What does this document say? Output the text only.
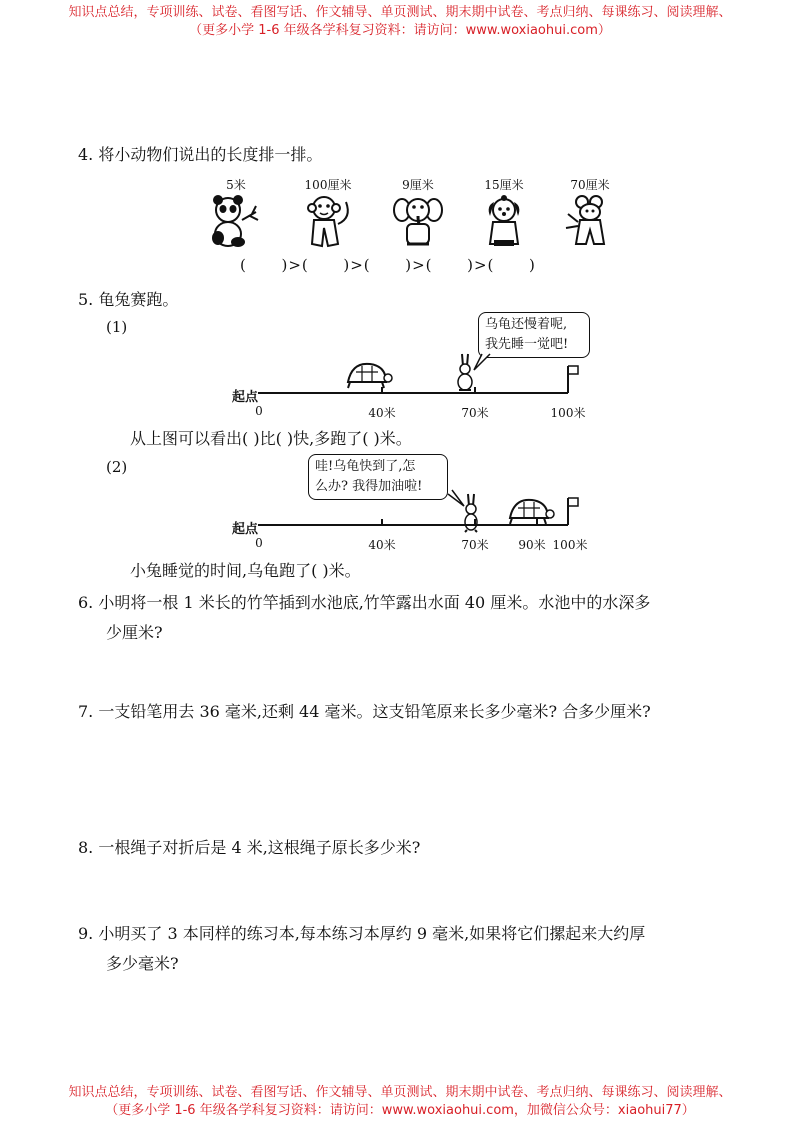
知识点总结，专项训练、试卷、看图写话、作文辅导、单页测试、期末期中试卷、考点归纳、每课练习、阅读理解、
（更多小学 1-6 年级各学科复习资料：请访问：www.woxiaohui.com）
4. 将小动物们说出的长度排一排。
5米	100厘米	9厘米	15厘米	70厘米
(      )>(      )>(      )>(      )>(      )
5. 龟兔赛跑。
(1)	乌龟还慢着呢,
我先睡一觉吧!
起点
0	40米	70米	100米
从上图可以看出( )比( )快,多跑了( )米。
(2)	哇!乌龟快到了,怎
么办? 我得加油啦!
起点
0	40米	70米 90米 100米
小兔睡觉的时间,乌龟跑了( )米。
6. 小明将一根 1 米长的竹竿插到水池底,竹竿露出水面 40 厘米。水池中的水深多
少厘米?
7. 一支铅笔用去 36 毫米,还剩 44 毫米。这支铅笔原来长多少毫米? 合多少厘米?
8. 一根绳子对折后是 4 米,这根绳子原长多少米?
9. 小明买了 3 本同样的练习本,每本练习本厚约 9 毫米,如果将它们摞起来大约厚
多少毫米?
知识点总结，专项训练、试卷、看图写话、作文辅导、单页测试、期末期中试卷、考点归纳、每课练习、阅读理解、
（更多小学 1-6 年级各学科复习资料：请访问：www.woxiaohui.com，加微信公众号：xiaohui77）
